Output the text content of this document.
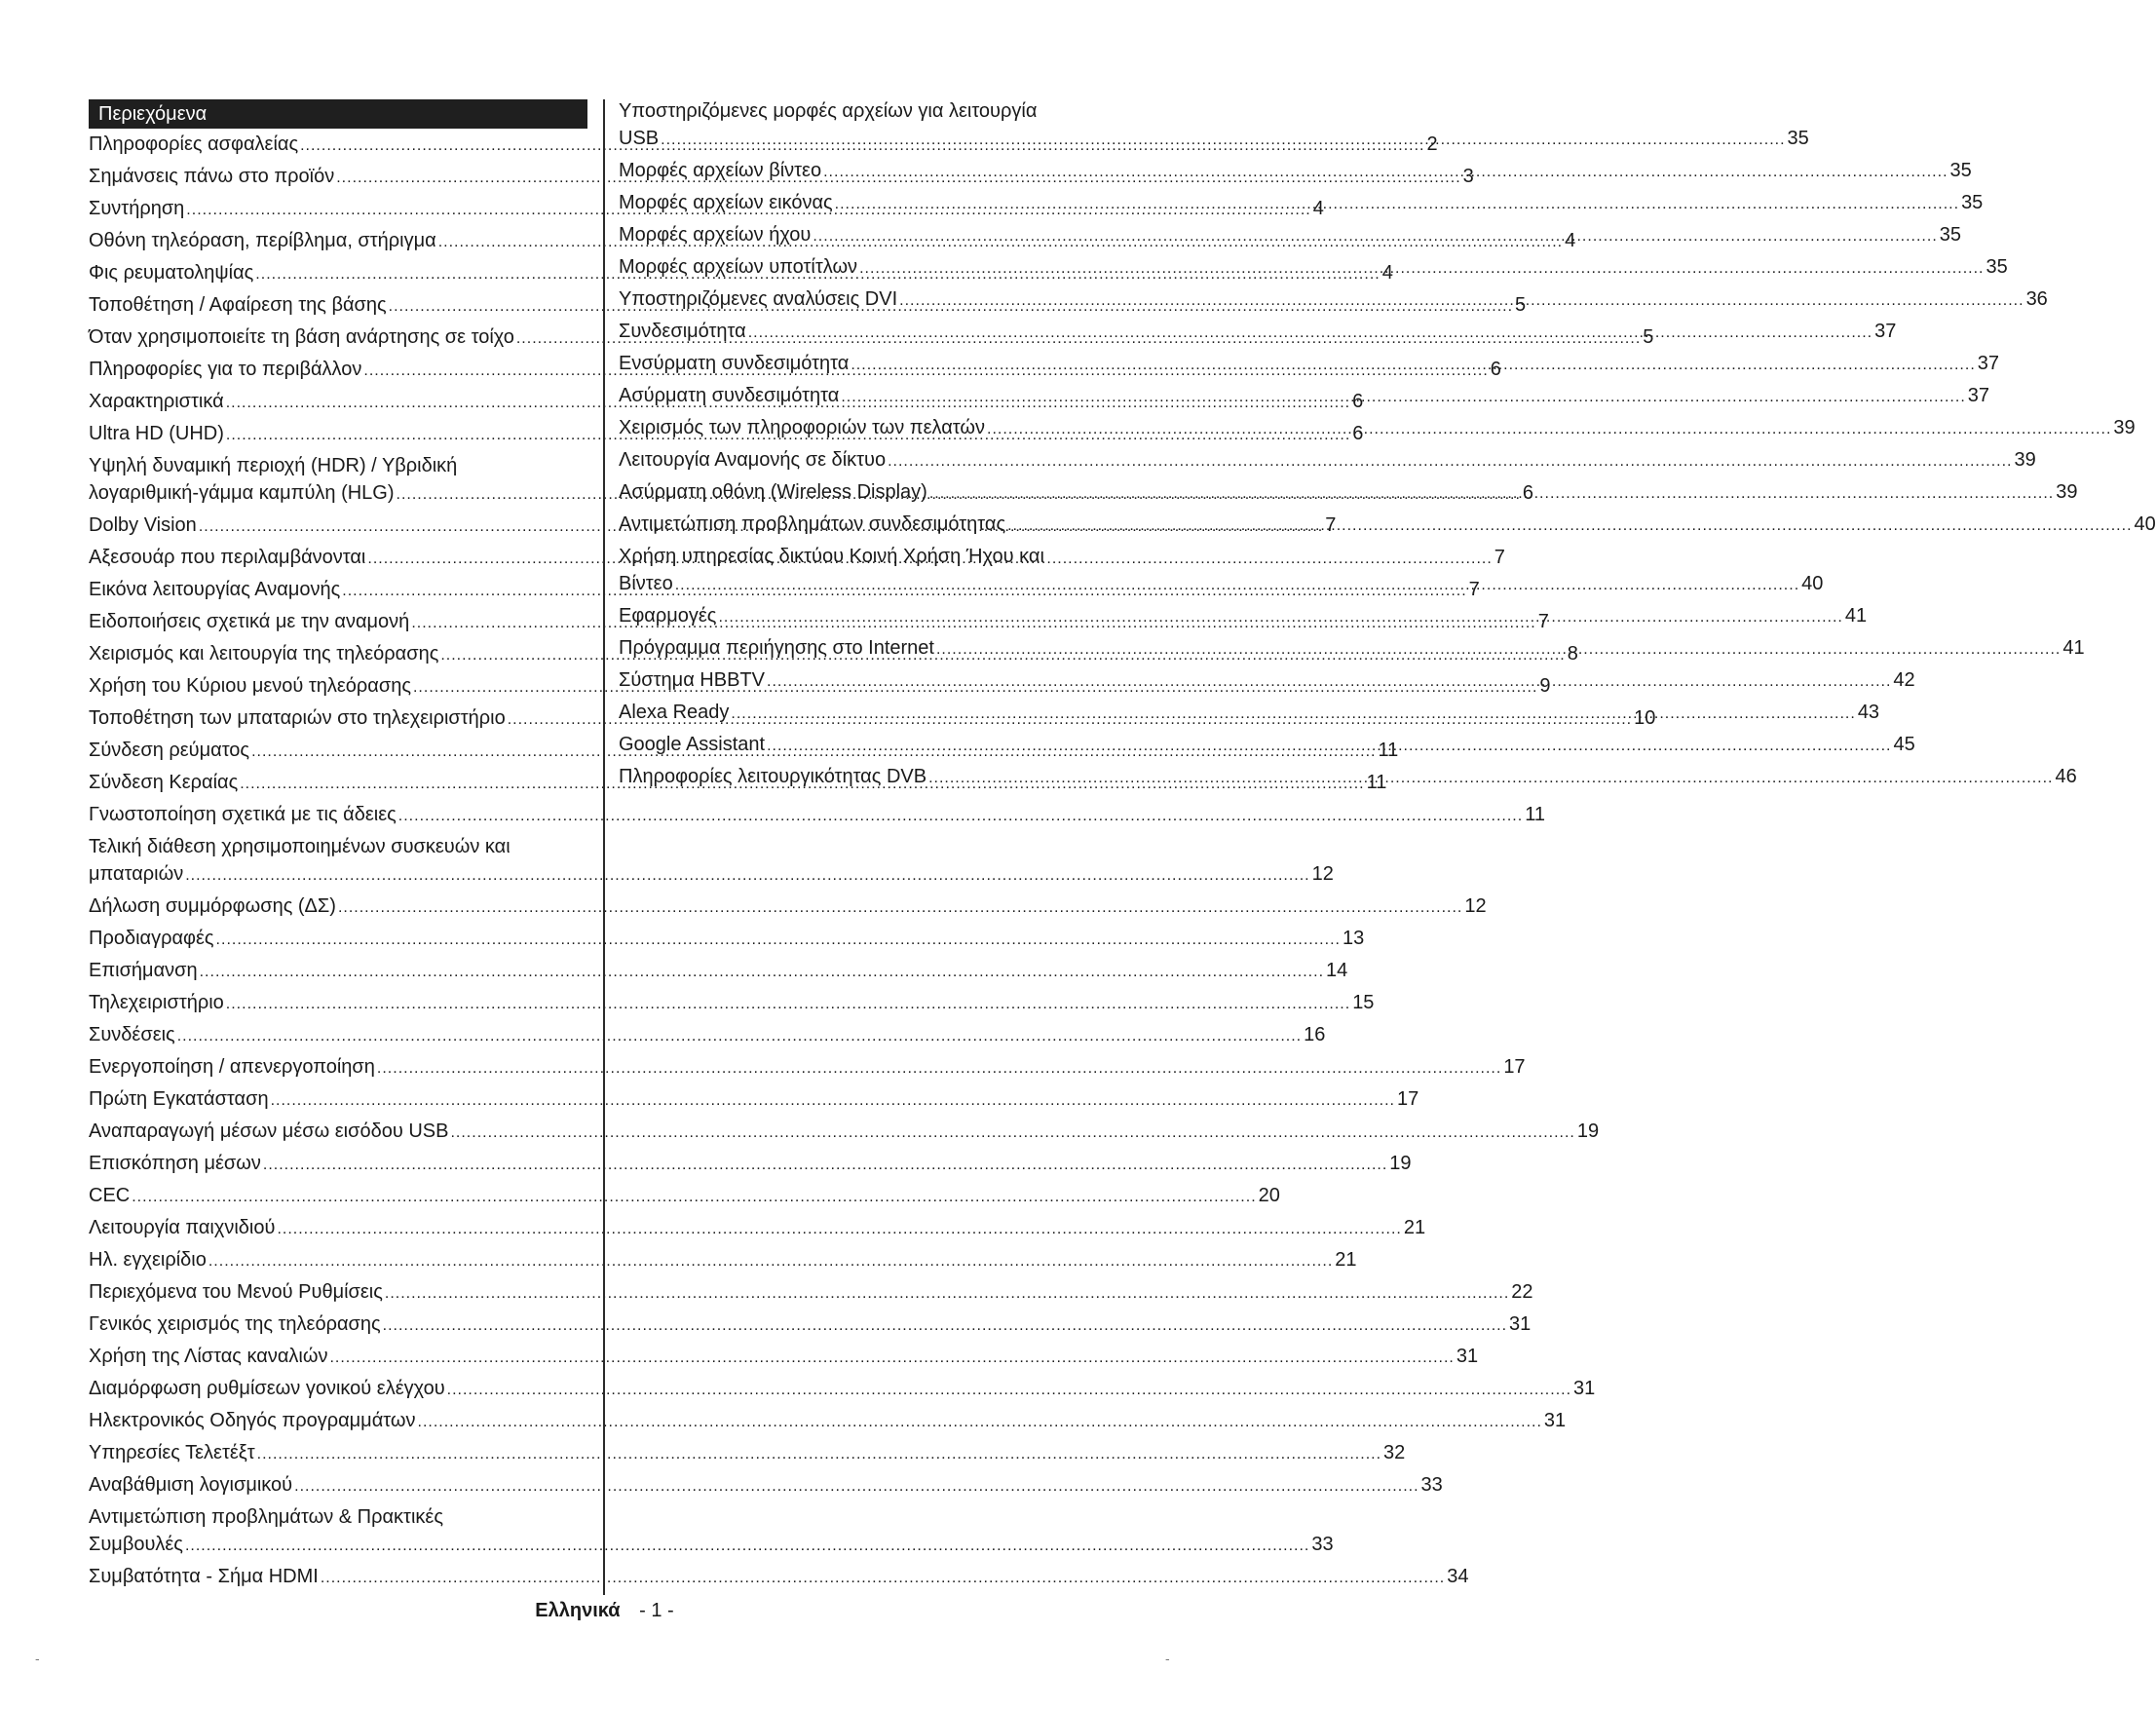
Περιεχόμενα
Πληροφορίες ασφαλείας .....	2
Σημάνσεις πάνω στο προϊόν .....	3
Συντήρηση .....	4
Οθόνη τηλεόραση, περίβλημα, στήριγμα .....	4
Φις ρευματοληψίας .....	4
Τοποθέτηση / Αφαίρεση της βάσης .....	5
Όταν χρησιμοποιείτε τη βάση ανάρτησης σε τοίχο .....	5
Πληροφορίες για το περιβάλλον .....	6
Χαρακτηριστικά .....	6
Ultra HD (UHD) .....	6
Υψηλή δυναμική περιοχή (HDR) / Υβριδική
λογαριθμική-γάμμα καμπύλη (HLG) .....	6
Dolby Vision .....	7
Αξεσουάρ που περιλαμβάνονται .....	7
Εικόνα λειτουργίας Αναμονής .....	7
Ειδοποιήσεις σχετικά με την αναμονή .....	7
Χειρισμός και λειτουργία της τηλεόρασης .....	8
Χρήση του Κύριου μενού τηλεόρασης .....	9
Τοποθέτηση των μπαταριών στο τηλεχειριστήριο .....	10
Σύνδεση ρεύματος .....	11
Σύνδεση Κεραίας .....	11
Γνωστοποίηση σχετικά με τις άδειες .....	11
Τελική διάθεση χρησιμοποιημένων συσκευών και
μπαταριών .....	12
Δήλωση συμμόρφωσης (ΔΣ) .....	12
Προδιαγραφές .....	13
Επισήμανση .....	14
Τηλεχειριστήριο .....	15
Συνδέσεις .....	16
Ενεργοποίηση / απενεργοποίηση .....	17
Πρώτη Εγκατάσταση .....	17
Αναπαραγωγή μέσων μέσω εισόδου USB .....	19
Επισκόπηση μέσων .....	19
CEC .....	20
Λειτουργία παιχνιδιού .....	21
Ηλ. εγχειρίδιο .....	21
Περιεχόμενα του Μενού Ρυθμίσεις .....	22
Γενικός χειρισμός της τηλεόρασης .....	31
Χρήση της Λίστας καναλιών .....	31
Διαμόρφωση ρυθμίσεων γονικού ελέγχου .....	31
Ηλεκτρονικός Οδηγός προγραμμάτων .....	31
Υπηρεσίες Τελετέξτ .....	32
Αναβάθμιση λογισμικού .....	33
Αντιμετώπιση προβλημάτων & Πρακτικές
Συμβουλές .....	33
Συμβατότητα - Σήμα HDMI .....	34
Υποστηριζόμενες μορφές αρχείων για λειτουργία
USB .....	35
Μορφές αρχείων βίντεο .....	35
Μορφές αρχείων εικόνας .....	35
Μορφές αρχείων ήχου .....	35
Μορφές αρχείων υποτίτλων .....	35
Υποστηριζόμενες αναλύσεις DVI .....	36
Συνδεσιμότητα .....	37
Ενσύρματη συνδεσιμότητα .....	37
Ασύρματη συνδεσιμότητα .....	37
Χειρισμός των πληροφοριών των πελατών .....	39
Λειτουργία Αναμονής σε δίκτυο .....	39
Ασύρματη οθόνη (Wireless Display) .....	39
Αντιμετώπιση προβλημάτων συνδεσιμότητας .....	40
Χρήση υπηρεσίας δικτύου Κοινή Χρήση Ήχου και
Βίντεο .....	40
Εφαρμογές .....	41
Πρόγραμμα περιήγησης στο Internet .....	41
Σύστημα HBBTV .....	42
Alexa Ready .....	43
Google Assistant .....	45
Πληροφορίες λειτουργικότητας DVB .....	46
Ελληνικά - 1 -
-	-
